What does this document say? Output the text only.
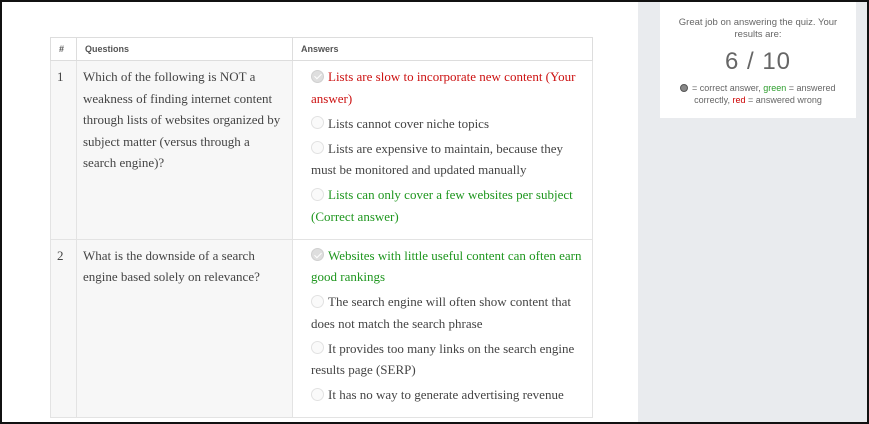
#	Questions	Answers
1	Which of the following is NOT a weakness of finding internet content through lists of websites organized by subject matter (versus through a search engine)?	Lists are slow to incorporate new content (Your answer)
Lists cannot cover niche topics
Lists are expensive to maintain, because they must be monitored and updated manually
Lists can only cover a few websites per subject (Correct answer)

2	What is the downside of a search engine based solely on relevance?	Websites with little useful content can often earn good rankings
The search engine will often show content that does not match the search phrase
It provides too many links on the search engine results page (SERP)
It has no way to generate advertising revenue
Great job on answering the quiz. Your results are:
6 / 10
= correct answer, green = answered correctly, red = answered wrong
